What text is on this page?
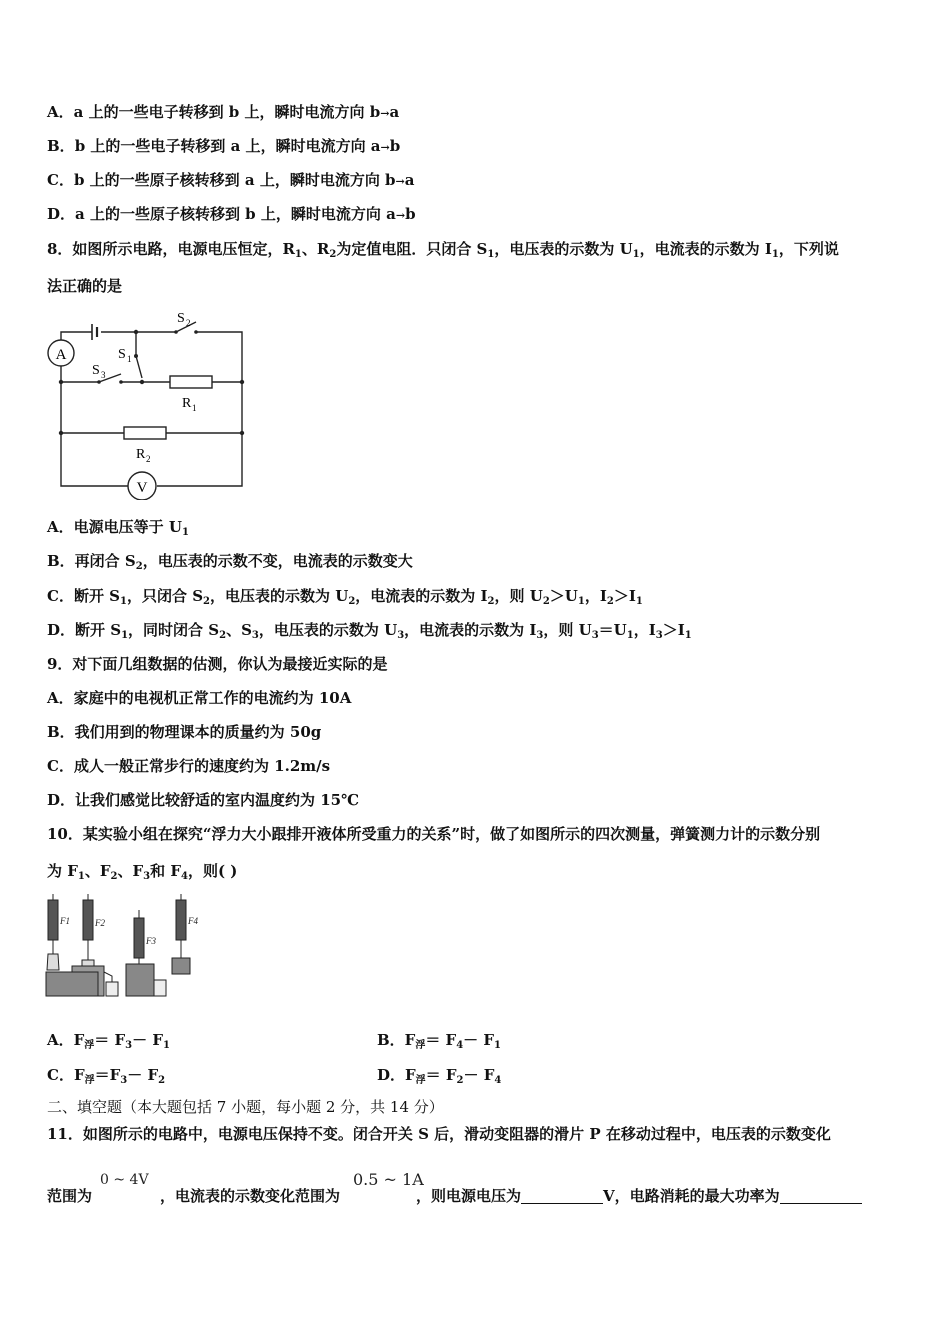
A．a 上的一些电子转移到 b 上，瞬时电流方向 b→a
B．b 上的一些电子转移到 a 上，瞬时电流方向 a→b
C．b 上的一些原子核转移到 a 上，瞬时电流方向 b→a
D．a 上的一些原子核转移到 b 上，瞬时电流方向 a→b
8．如图所示电路，电源电压恒定，$R_1$、$R_2$为定值电阻．只闭合 $S_1$，电压表的示数为 $U_1$，电流表的示数为 $I_1$，下列说
法正确的是
A
V
S 2
S 1
S 3
R 1
R 2
A．电源电压等于 $U_1$
B．再闭合 $S_2$，电压表的示数不变，电流表的示数变大
C．断开 $S_1$，只闭合 $S_2$，电压表的示数为 $U_2$，电流表的示数为 $I_2$，则 $U_2>U_1$，$I_2>I_1$
D．断开 $S_1$，同时闭合 $S_2$、$S_3$，电压表的示数为 $U_3$，电流表的示数为 $I_3$，则 $U_3=U_1$，$I_3>I_1$
9．对下面几组数据的估测，你认为最接近实际的是
A．家庭中的电视机正常工作的电流约为 10A
B．我们用到的物理课本的质量约为 50g
C．成人一般正常步行的速度约为 1.2m/s
D．让我们感觉比较舒适的室内温度约为 15℃
10．某实验小组在探究“浮力大小跟排开液体所受重力的关系”时，做了如图所示的四次测量，弹簧测力计的示数分别
为 $F_1$、$F_2$、$F_3$和 $F_4$，则( )
F1	F2
F3
F4
A．$F_浮= F_3- F_1$	B．$F_浮= F_4- F_1$
C．$F_浮=F_3- F_2$	D．$F_浮= F_2- F_4$
二、填空题（本大题包括 7 小题，每小题 2 分，共 14 分）
11．如图所示的电路中，电源电压保持不变。闭合开关 S 后，滑动变阻器的滑片 P 在移动过程中，电压表的示数变化
范围为	，电流表的示数变化范围为	，则电源电压为	V，电路消耗的最大功率为
0 ~ 4V	0.5 ~ 1A
